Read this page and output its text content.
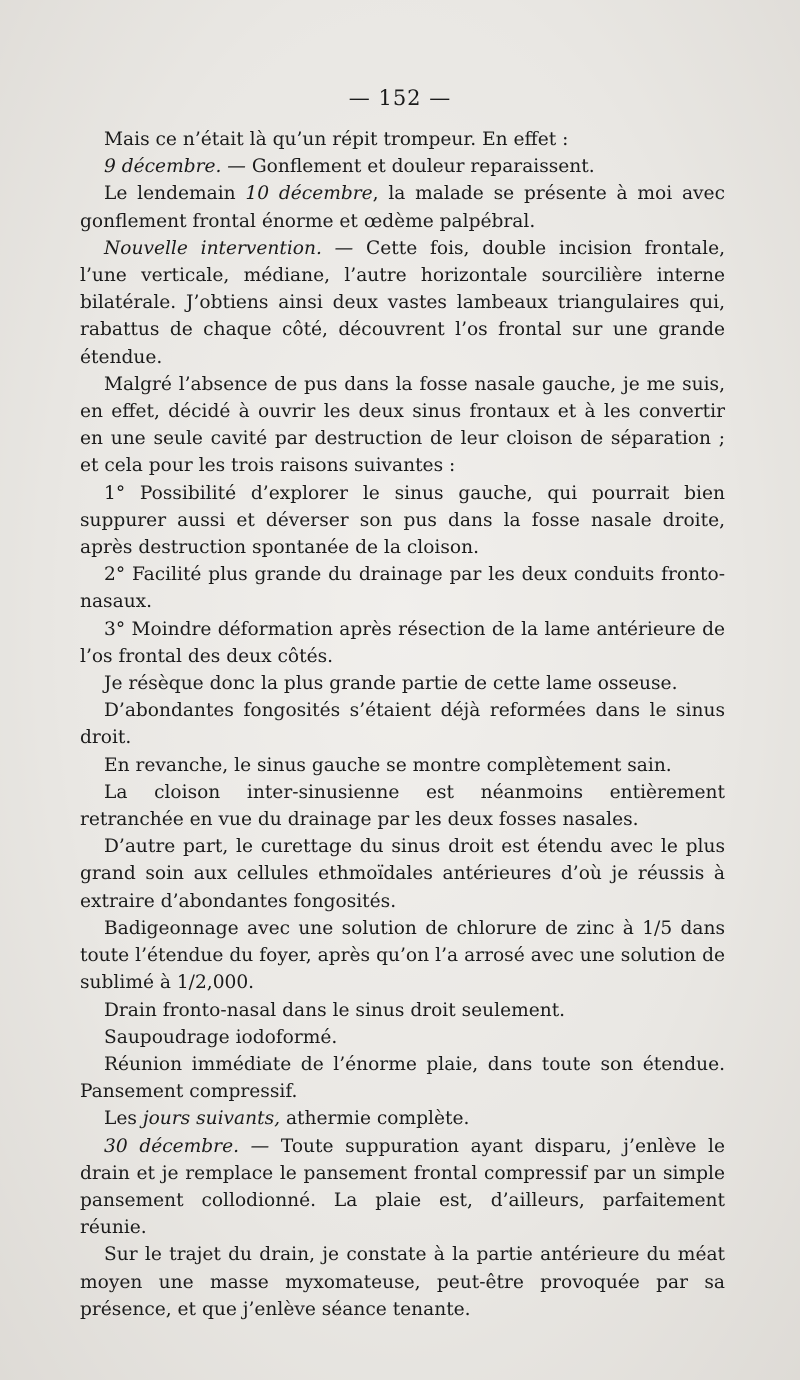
— 152 —

Mais ce n’était là qu’un répit trompeur. En effet :

9 décembre. — Gonflement et douleur reparaissent.

Le lendemain 10 décembre, la malade se présente à moi avec gonflement frontal énorme et œdème palpébral.

Nouvelle intervention. — Cette fois, double incision frontale, l’une verticale, médiane, l’autre horizontale sourcilière interne bilatérale. J’obtiens ainsi deux vastes lambeaux triangulaires qui, rabattus de chaque côté, découvrent l’os frontal sur une grande étendue.

Malgré l’absence de pus dans la fosse nasale gauche, je me suis, en effet, décidé à ouvrir les deux sinus frontaux et à les convertir en une seule cavité par destruction de leur cloison de séparation ; et cela pour les trois raisons suivantes :

1° Possibilité d’explorer le sinus gauche, qui pourrait bien suppurer aussi et déverser son pus dans la fosse nasale droite, après destruction spontanée de la cloison.

2° Facilité plus grande du drainage par les deux conduits fronto-nasaux.

3° Moindre déformation après résection de la lame antérieure de l’os frontal des deux côtés.

Je résèque donc la plus grande partie de cette lame osseuse.

D’abondantes fongosités s’étaient déjà reformées dans le sinus droit.

En revanche, le sinus gauche se montre complètement sain.

La cloison inter-sinusienne est néanmoins entièrement retranchée en vue du drainage par les deux fosses nasales.

D’autre part, le curettage du sinus droit est étendu avec le plus grand soin aux cellules ethmoïdales antérieures d’où je réussis à extraire d’abondantes fongosités.

Badigeonnage avec une solution de chlorure de zinc à 1/5 dans toute l’étendue du foyer, après qu’on l’a arrosé avec une solution de sublimé à 1/2,000.

Drain fronto-nasal dans le sinus droit seulement.

Saupoudrage iodoformé.

Réunion immédiate de l’énorme plaie, dans toute son étendue. Pansement compressif.

Les jours suivants, athermie complète.

30 décembre. — Toute suppuration ayant disparu, j’enlève le drain et je remplace le pansement frontal compressif par un simple pansement collodionné. La plaie est, d’ailleurs, parfaitement réunie.

Sur le trajet du drain, je constate à la partie antérieure du méat moyen une masse myxomateuse, peut-être provoquée par sa présence, et que j’enlève séance tenante.
